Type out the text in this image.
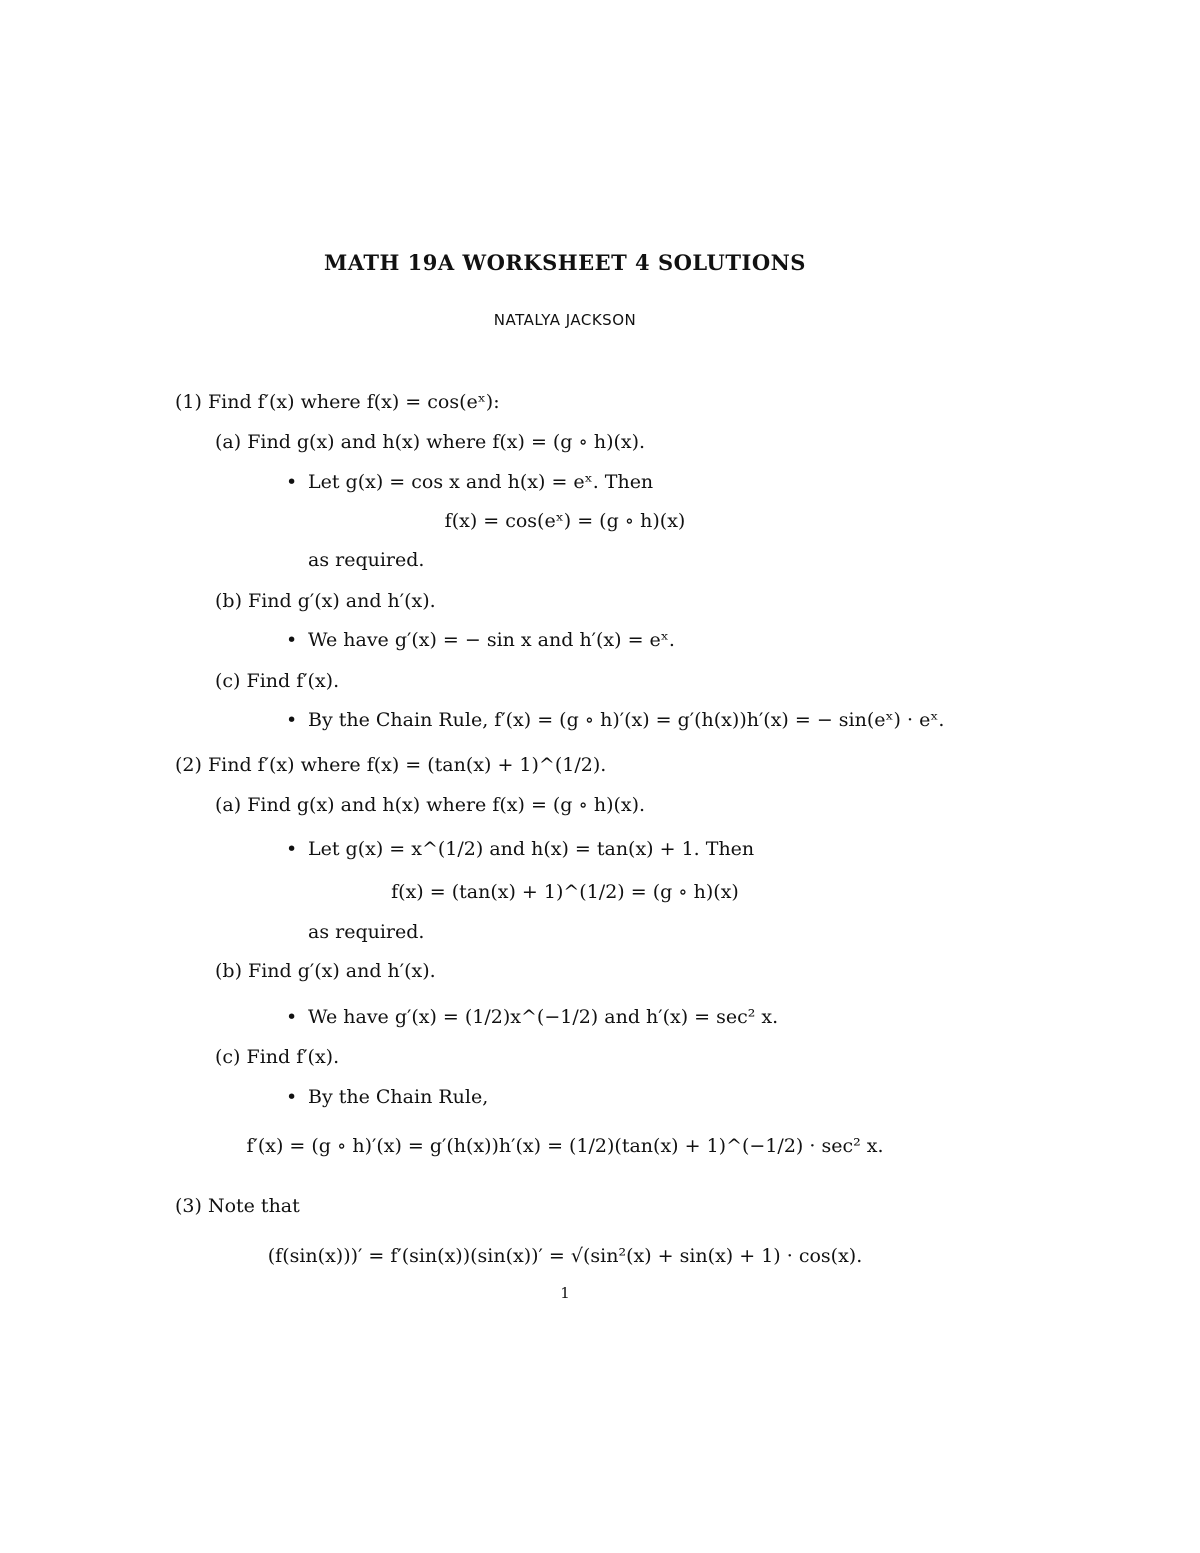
MATH 19A WORKSHEET 4 SOLUTIONS
NATALYA JACKSON
(1) Find f′(x) where f(x) = cos(eˣ):
(a) Find g(x) and h(x) where f(x) = (g ∘ h)(x).
• Let g(x) = cos x and h(x) = eˣ. Then
f(x) = cos(eˣ) = (g ∘ h)(x)
as required.
(b) Find g′(x) and h′(x).
• We have g′(x) = − sin x and h′(x) = eˣ.
(c) Find f′(x).
• By the Chain Rule, f′(x) = (g ∘ h)′(x) = g′(h(x))h′(x) = − sin(eˣ) · eˣ.
(2) Find f′(x) where f(x) = (tan(x) + 1)^(1/2).
(a) Find g(x) and h(x) where f(x) = (g ∘ h)(x).
• Let g(x) = x^(1/2) and h(x) = tan(x) + 1. Then
f(x) = (tan(x) + 1)^(1/2) = (g ∘ h)(x)
as required.
(b) Find g′(x) and h′(x).
• We have g′(x) = (1/2)x^(−1/2) and h′(x) = sec² x.
(c) Find f′(x).
• By the Chain Rule,
f′(x) = (g ∘ h)′(x) = g′(h(x))h′(x) = (1/2)(tan(x) + 1)^(−1/2) · sec² x.
(3) Note that
(f(sin(x)))′ = f′(sin(x))(sin(x))′ = √(sin²(x) + sin(x) + 1) · cos(x).
1
